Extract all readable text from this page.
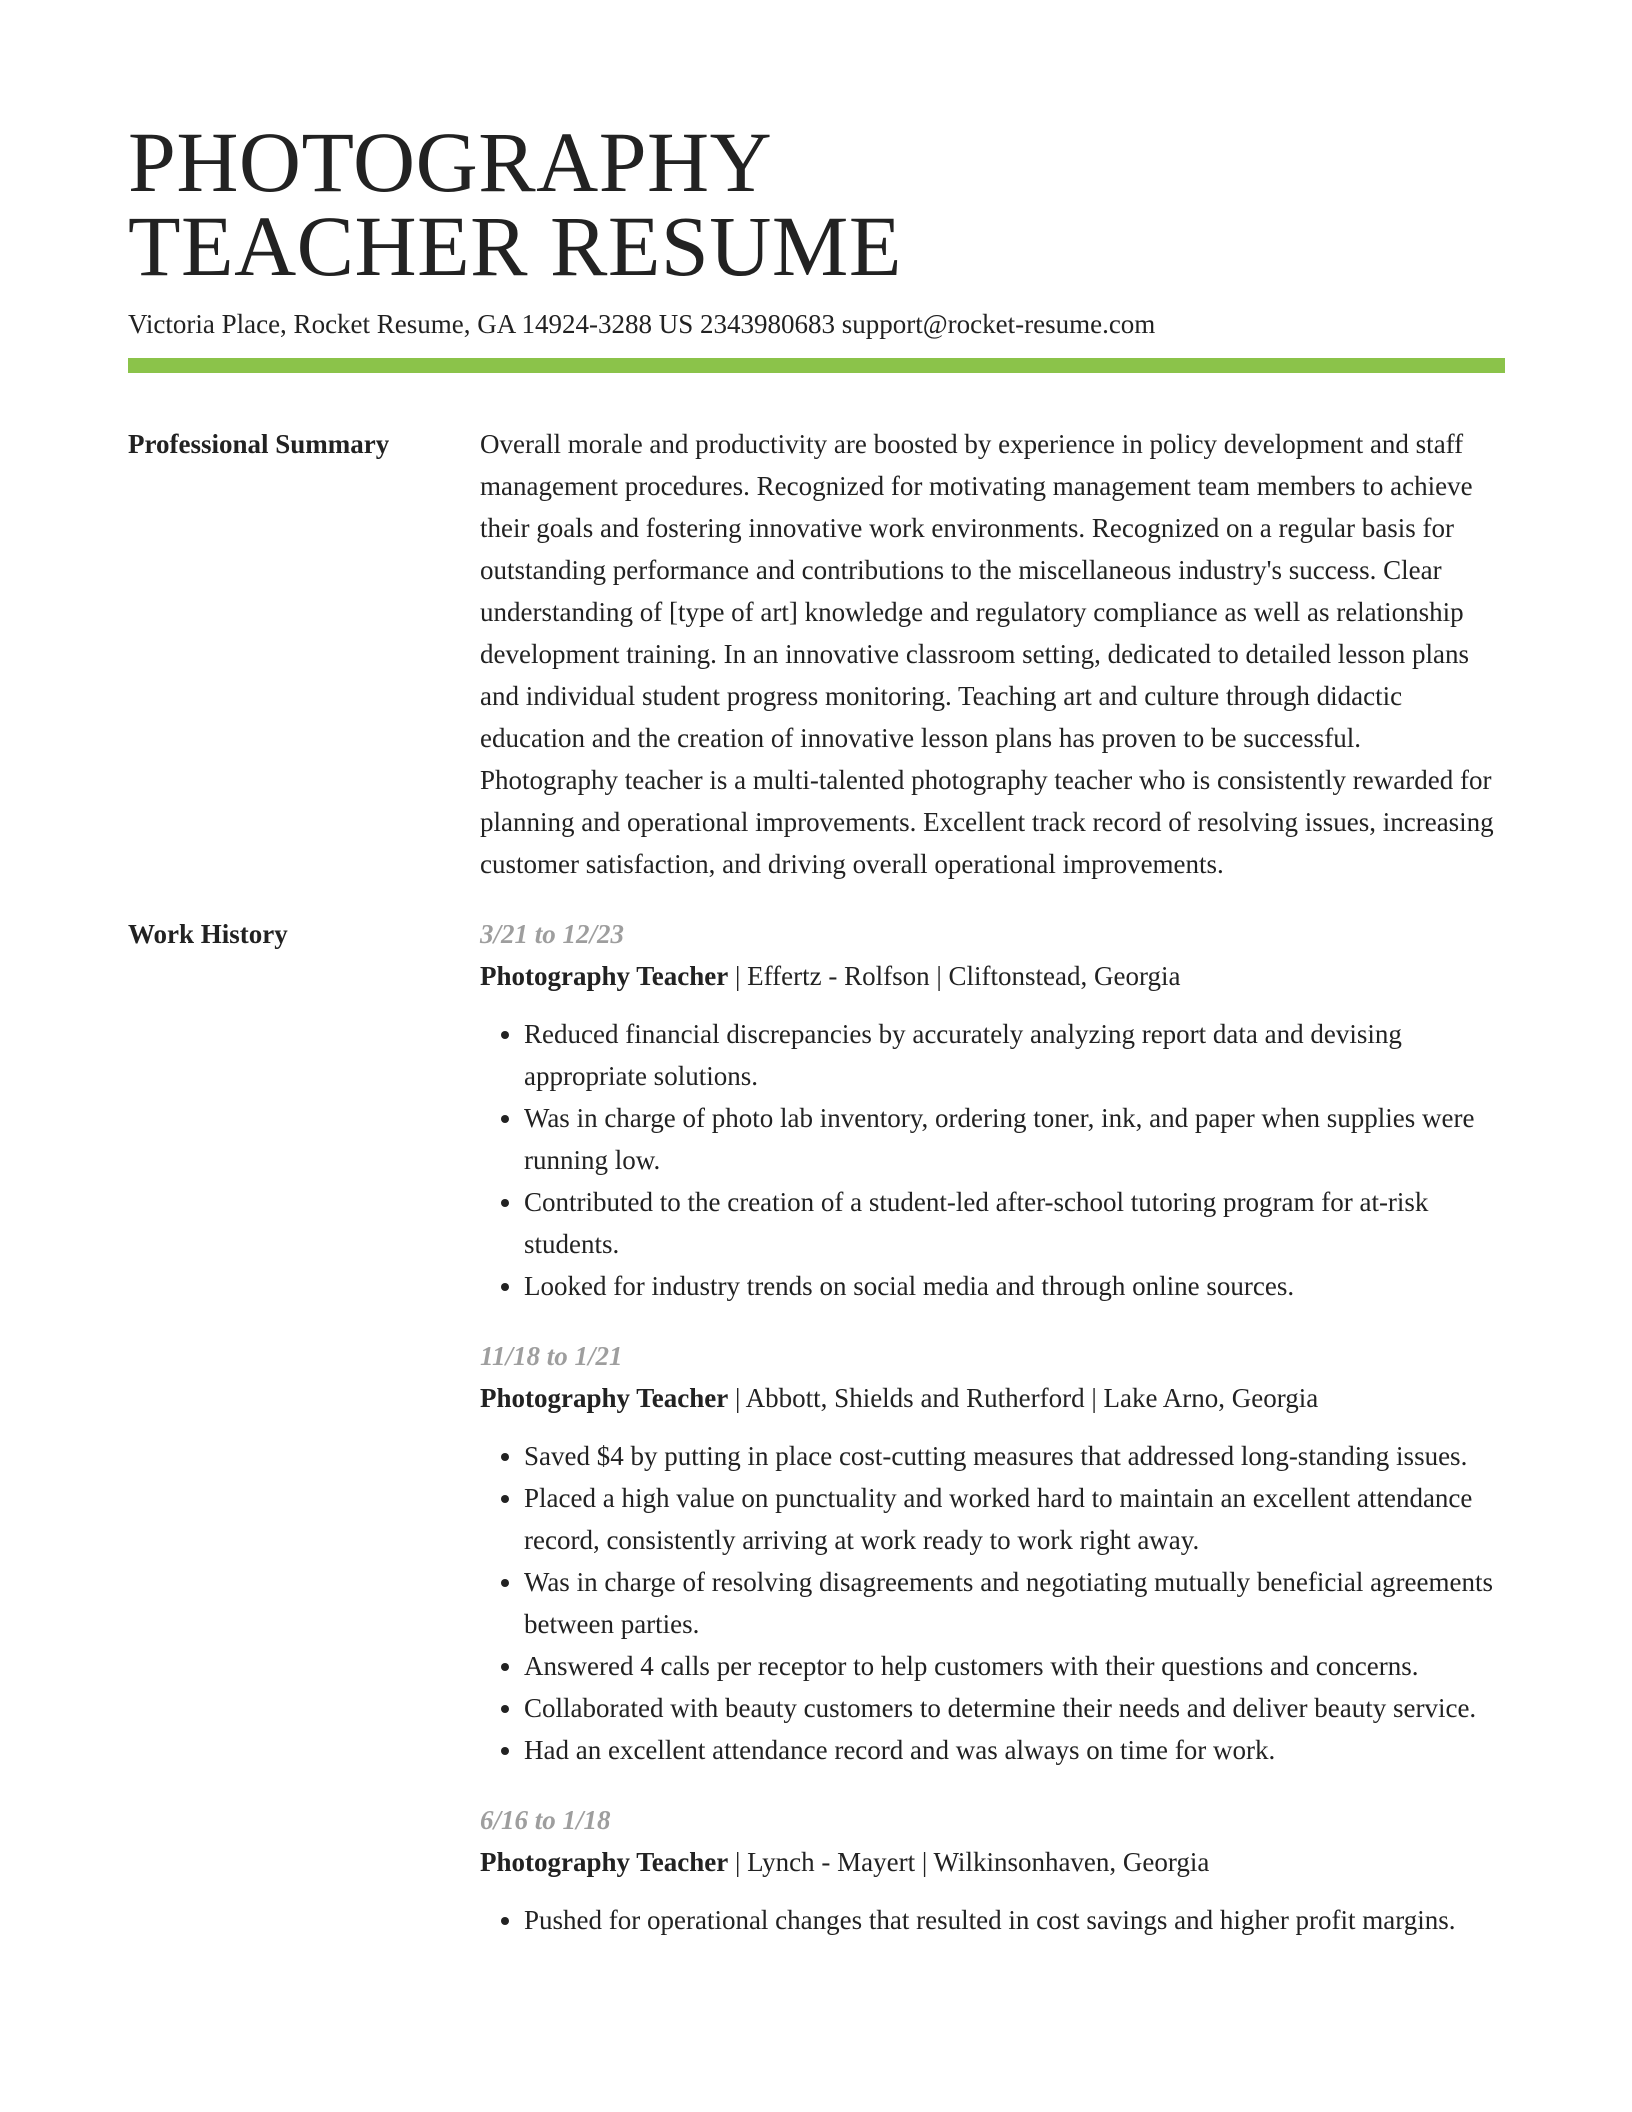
PHOTOGRAPHY
TEACHER RESUME
Victoria Place, Rocket Resume, GA 14924-3288 US 2343980683 support@rocket-resume.com
Professional Summary	Overall morale and productivity are boosted by experience in policy development and staff management procedures. Recognized for motivating management team members to achieve their goals and fostering innovative work environments. Recognized on a regular basis for outstanding performance and contributions to the miscellaneous industry's success. Clear understanding of [type of art] knowledge and regulatory compliance as well as relationship development training. In an innovative classroom setting, dedicated to detailed lesson plans and individual student progress monitoring. Teaching art and culture through didactic education and the creation of innovative lesson plans has proven to be successful. Photography teacher is a multi-talented photography teacher who is consistently rewarded for planning and operational improvements. Excellent track record of resolving issues, increasing customer satisfaction, and driving overall operational improvements.
Work History	3/21 to 12/23
Photography Teacher | Effertz - Rolfson | Cliftonstead, Georgia
• Reduced financial discrepancies by accurately analyzing report data and devising appropriate solutions.
• Was in charge of photo lab inventory, ordering toner, ink, and paper when supplies were running low.
• Contributed to the creation of a student-led after-school tutoring program for at-risk students.
• Looked for industry trends on social media and through online sources.
11/18 to 1/21
Photography Teacher | Abbott, Shields and Rutherford | Lake Arno, Georgia
• Saved $4 by putting in place cost-cutting measures that addressed long-standing issues.
• Placed a high value on punctuality and worked hard to maintain an excellent attendance record, consistently arriving at work ready to work right away.
• Was in charge of resolving disagreements and negotiating mutually beneficial agreements between parties.
• Answered 4 calls per receptor to help customers with their questions and concerns.
• Collaborated with beauty customers to determine their needs and deliver beauty service.
• Had an excellent attendance record and was always on time for work.
6/16 to 1/18
Photography Teacher | Lynch - Mayert | Wilkinsonhaven, Georgia
• Pushed for operational changes that resulted in cost savings and higher profit margins.
